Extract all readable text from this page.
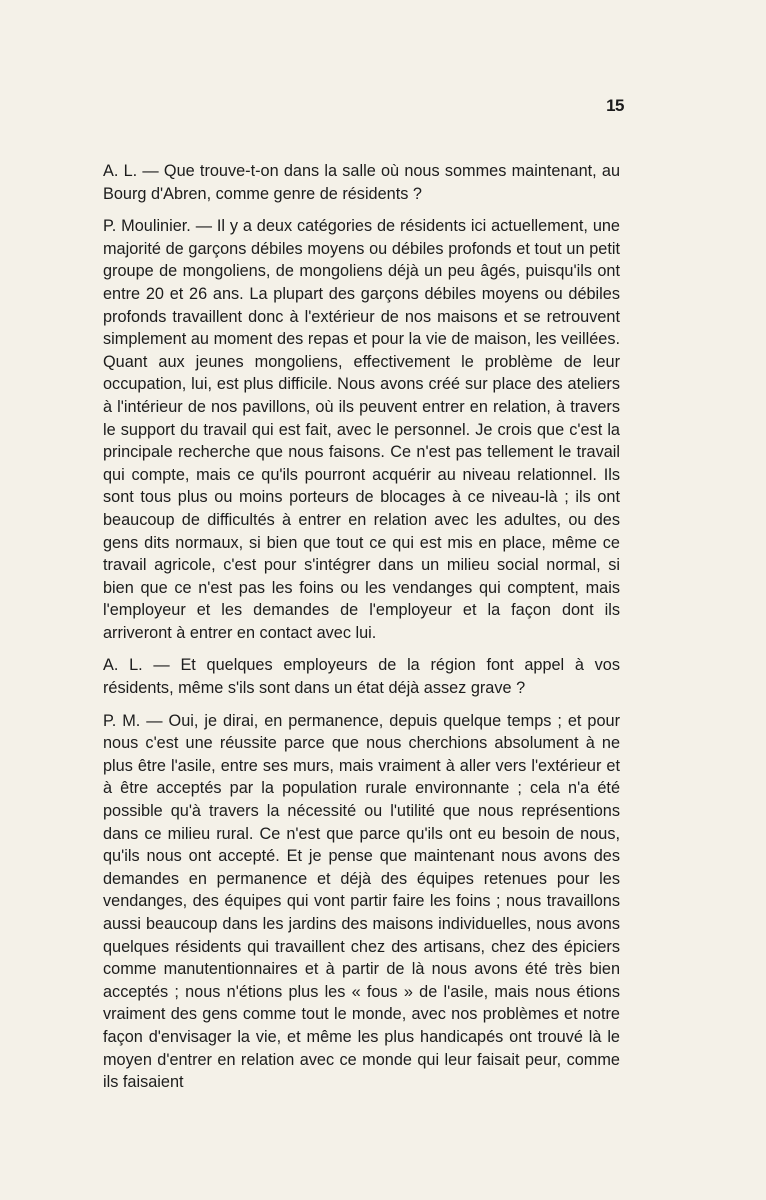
15

A. L. — Que trouve-t-on dans la salle où nous sommes maintenant, au Bourg d'Abren, comme genre de résidents ?

P. Moulinier. — Il y a deux catégories de résidents ici actuellement, une majorité de garçons débiles moyens ou débiles profonds et tout un petit groupe de mongoliens, de mongoliens déjà un peu âgés, puisqu'ils ont entre 20 et 26 ans. La plupart des garçons débiles moyens ou débiles profonds travaillent donc à l'extérieur de nos maisons et se retrouvent simplement au moment des repas et pour la vie de maison, les veillées. Quant aux jeunes mongoliens, effectivement le problème de leur occupation, lui, est plus difficile. Nous avons créé sur place des ateliers à l'intérieur de nos pavillons, où ils peuvent entrer en relation, à travers le support du travail qui est fait, avec le personnel. Je crois que c'est la principale recherche que nous faisons. Ce n'est pas tellement le travail qui compte, mais ce qu'ils pourront acquérir au niveau relationnel. Ils sont tous plus ou moins porteurs de blocages à ce niveau-là ; ils ont beaucoup de difficultés à entrer en relation avec les adultes, ou des gens dits normaux, si bien que tout ce qui est mis en place, même ce travail agricole, c'est pour s'intégrer dans un milieu social normal, si bien que ce n'est pas les foins ou les vendanges qui comptent, mais l'employeur et les demandes de l'employeur et la façon dont ils arriveront à entrer en contact avec lui.

A. L. — Et quelques employeurs de la région font appel à vos résidents, même s'ils sont dans un état déjà assez grave ?

P. M. — Oui, je dirai, en permanence, depuis quelque temps ; et pour nous c'est une réussite parce que nous cherchions absolument à ne plus être l'asile, entre ses murs, mais vraiment à aller vers l'extérieur et à être acceptés par la population rurale environnante ; cela n'a été possible qu'à travers la nécessité ou l'utilité que nous représentions dans ce milieu rural. Ce n'est que parce qu'ils ont eu besoin de nous, qu'ils nous ont accepté. Et je pense que maintenant nous avons des demandes en permanence et déjà des équipes retenues pour les vendanges, des équipes qui vont partir faire les foins ; nous travaillons aussi beaucoup dans les jardins des maisons individuelles, nous avons quelques résidents qui travaillent chez des artisans, chez des épiciers comme manutentionnaires et à partir de là nous avons été très bien acceptés ; nous n'étions plus les « fous » de l'asile, mais nous étions vraiment des gens comme tout le monde, avec nos problèmes et notre façon d'envisager la vie, et même les plus handicapés ont trouvé là le moyen d'entrer en relation avec ce monde qui leur faisait peur, comme ils faisaient
